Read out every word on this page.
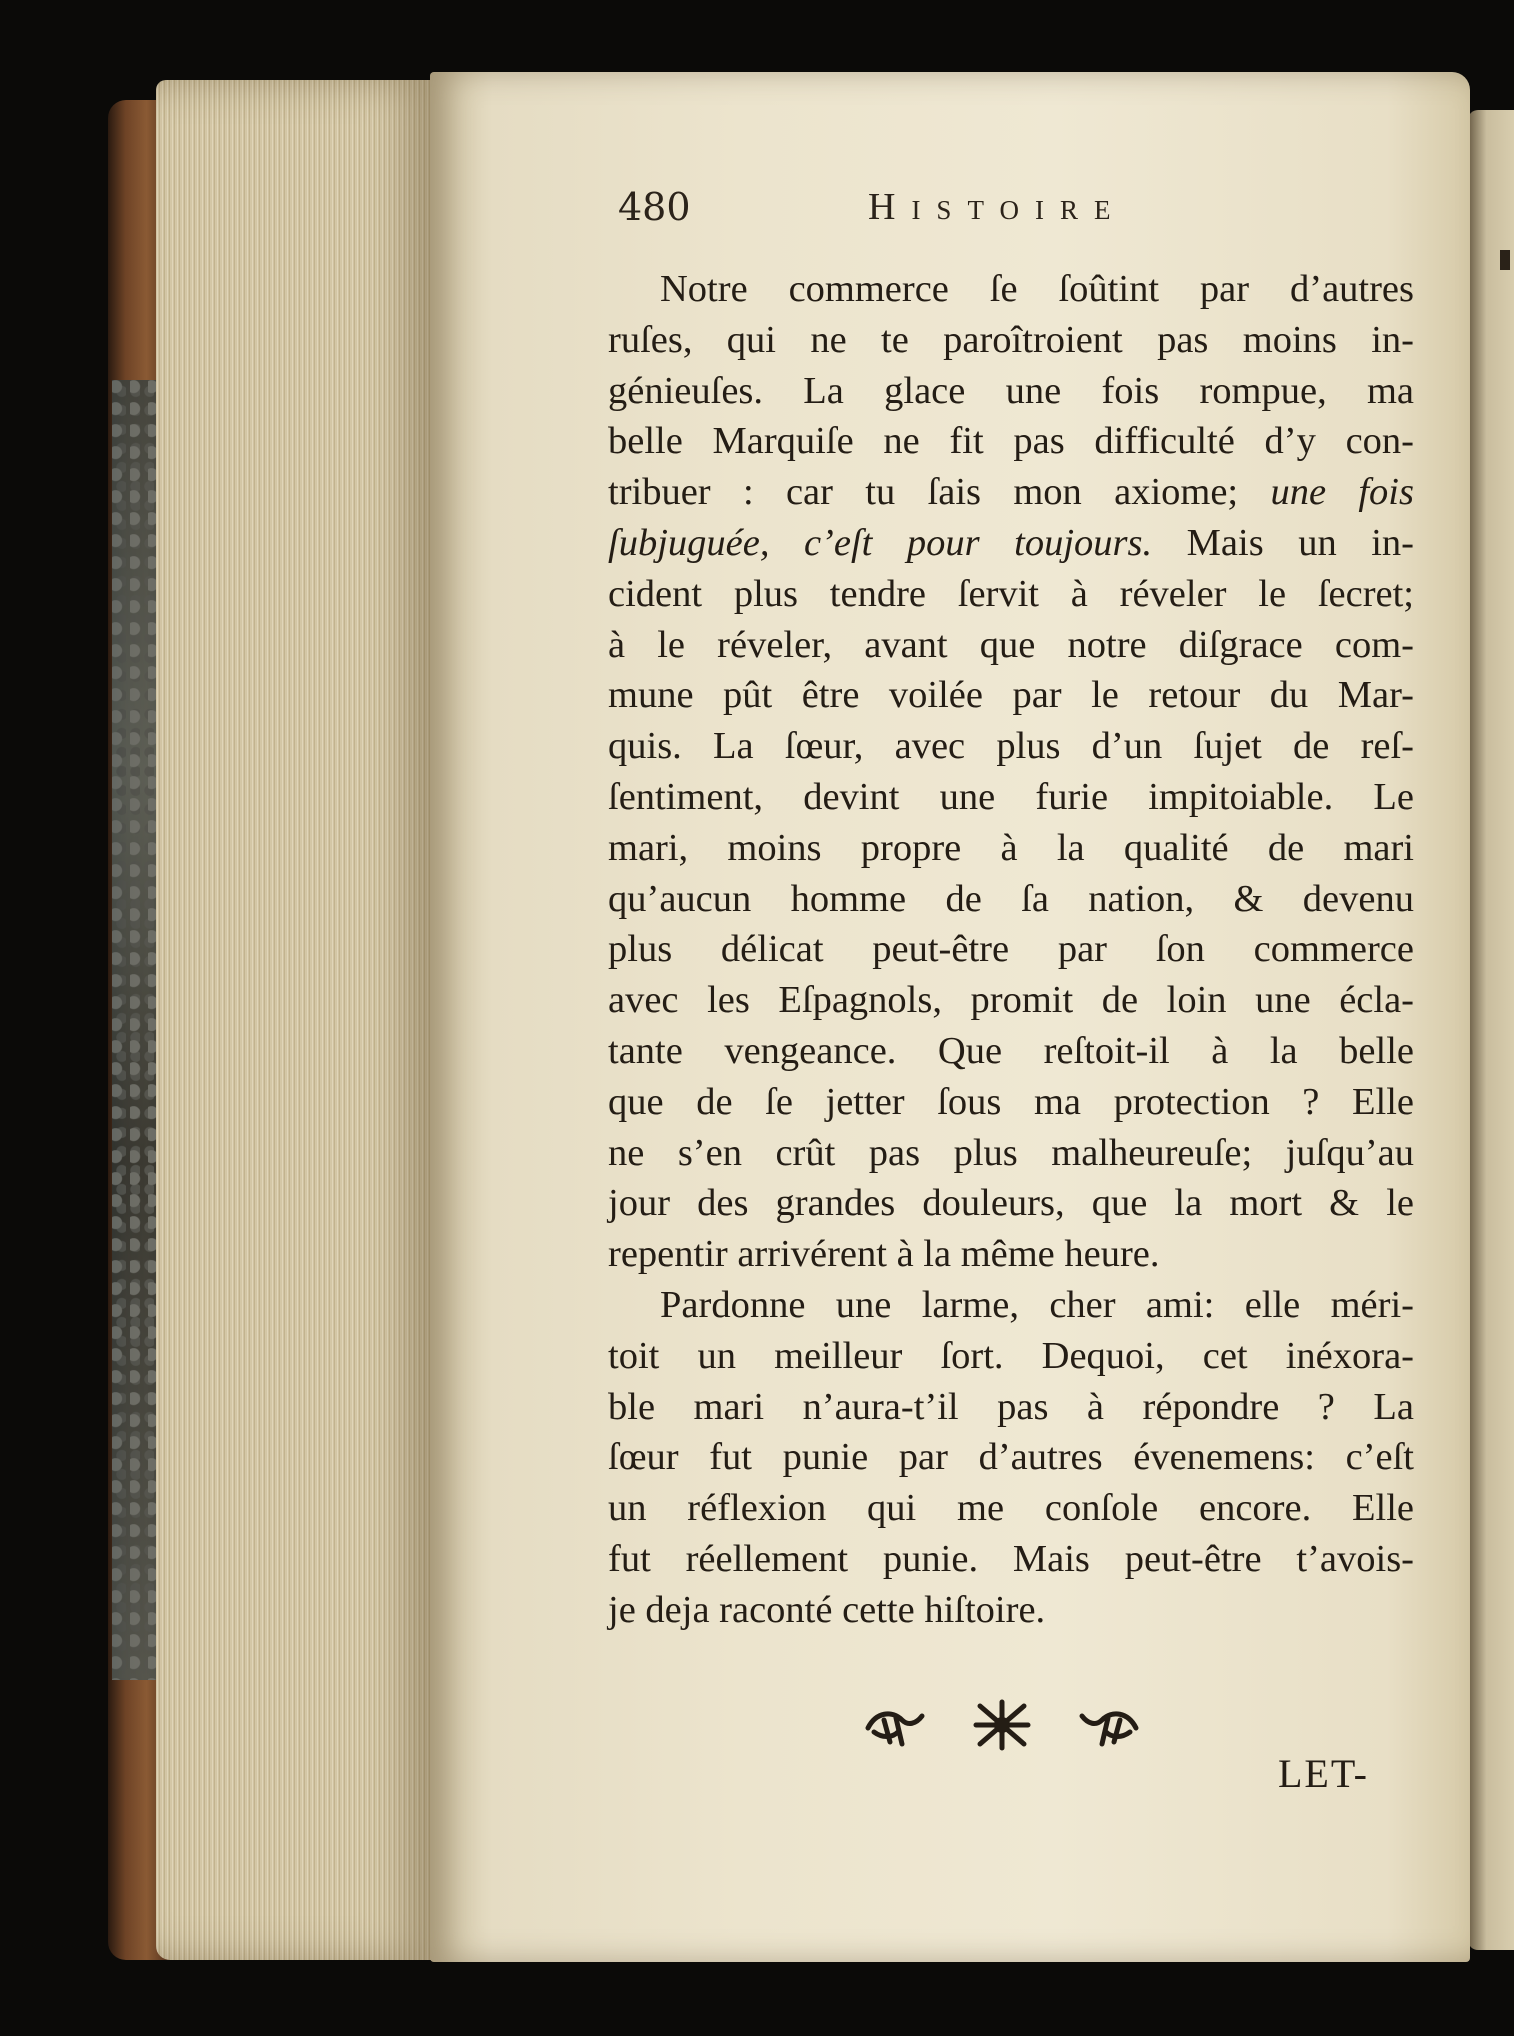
480	Histoire
Notre commerce ſe ſoûtint par d’autres
ruſes, qui ne te paroîtroient pas moins in-
génieuſes. La glace une fois rompue, ma
belle Marquiſe ne fit pas difficulté d’y con-
tribuer : car tu ſais mon axiome; une fois
ſubjuguée, c’eſt pour toujours. Mais un in-
cident plus tendre ſervit à réveler le ſecret;
à le réveler, avant que notre diſgrace com-
mune pût être voilée par le retour du Mar-
quis. La ſœur, avec plus d’un ſujet de reſ-
ſentiment, devint une furie impitoiable. Le
mari, moins propre à la qualité de mari
qu’aucun homme de ſa nation, & devenu
plus délicat peut-être par ſon commerce
avec les Eſpagnols, promit de loin une écla-
tante vengeance. Que reſtoit-il à la belle
que de ſe jetter ſous ma protection ? Elle
ne s’en crût pas plus malheureuſe; juſqu’au
jour des grandes douleurs, que la mort & le
repentir arrivérent à la même heure.
Pardonne une larme, cher ami: elle méri-
toit un meilleur ſort. Dequoi, cet inéxora-
ble mari n’aura-t’il pas à répondre ? La
ſœur fut punie par d’autres évenemens: c’eſt
un réflexion qui me conſole encore. Elle
fut réellement punie. Mais peut-être t’avois-
je deja raconté cette hiſtoire.
LET-
